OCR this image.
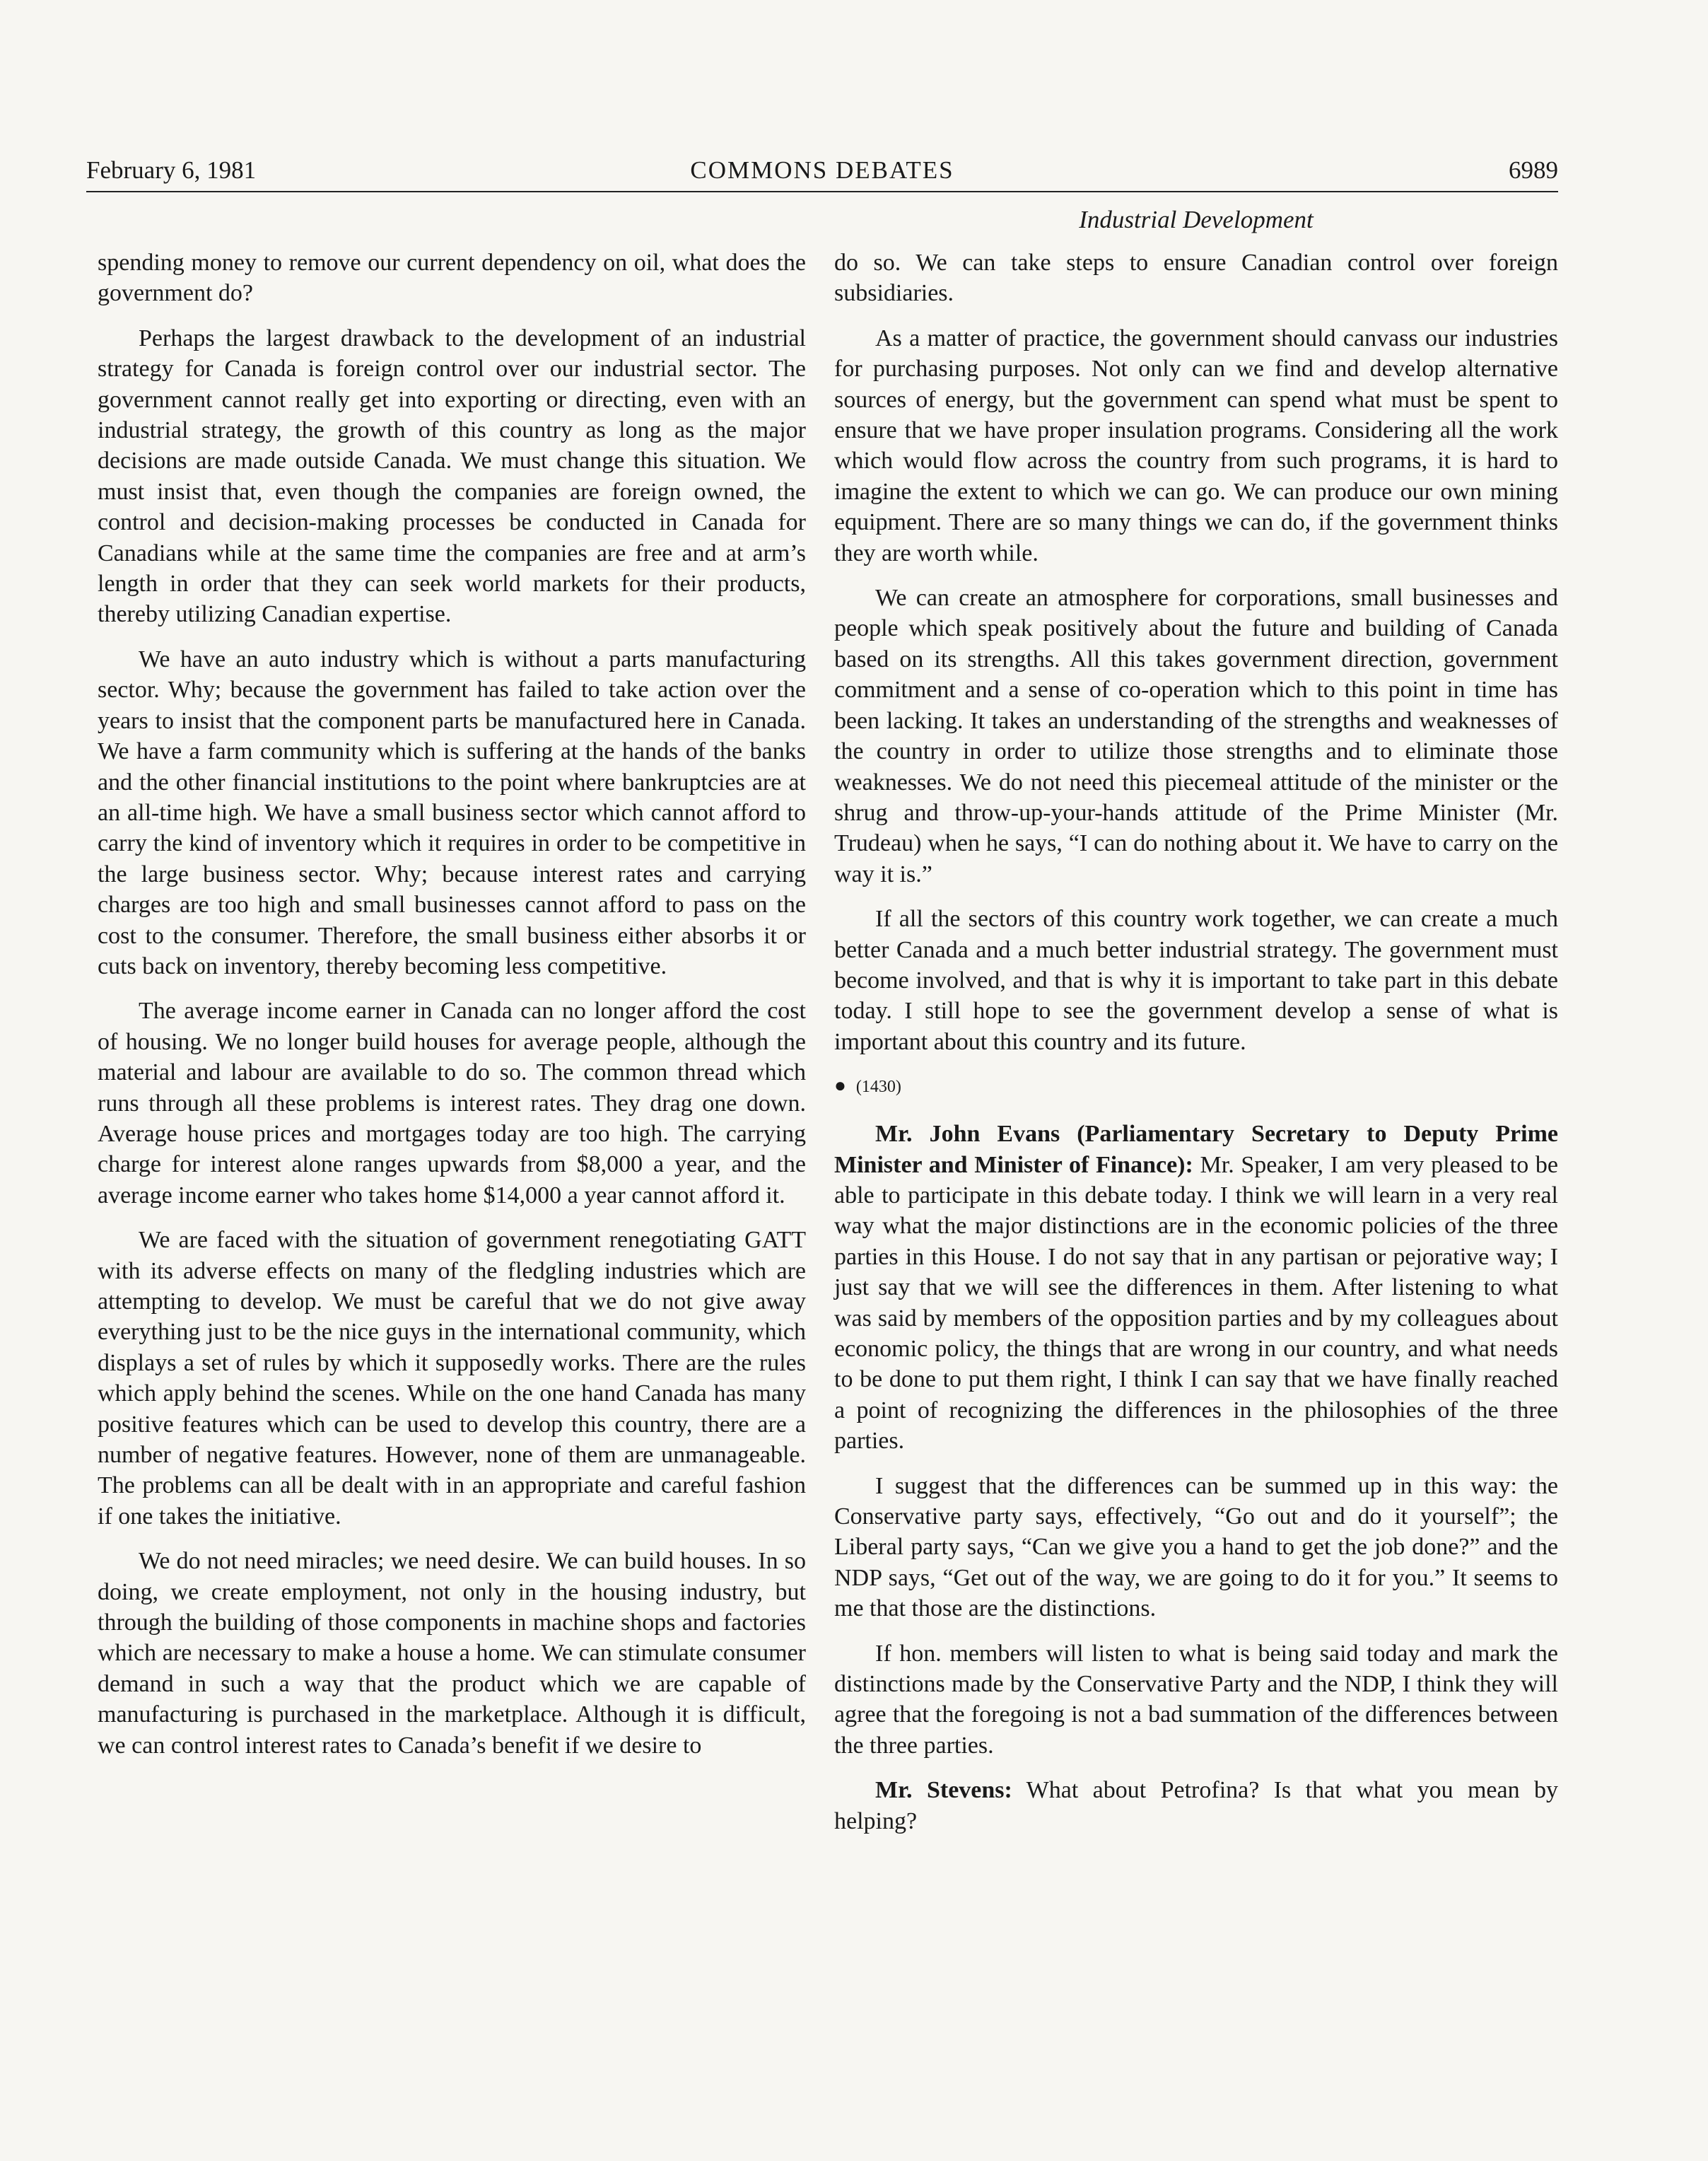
February 6, 1981	COMMONS DEBATES	6989
Industrial Development

spending money to remove our current dependency on oil, what does the government do?

Perhaps the largest drawback to the development of an industrial strategy for Canada is foreign control over our industrial sector. The government cannot really get into exporting or directing, even with an industrial strategy, the growth of this country as long as the major decisions are made outside Canada. We must change this situation. We must insist that, even though the companies are foreign owned, the control and decision-making processes be conducted in Canada for Canadians while at the same time the companies are free and at arm’s length in order that they can seek world markets for their products, thereby utilizing Canadian expertise.

We have an auto industry which is without a parts manufacturing sector. Why; because the government has failed to take action over the years to insist that the component parts be manufactured here in Canada. We have a farm community which is suffering at the hands of the banks and the other financial institutions to the point where bankruptcies are at an all-time high. We have a small business sector which cannot afford to carry the kind of inventory which it requires in order to be competitive in the large business sector. Why; because interest rates and carrying charges are too high and small businesses cannot afford to pass on the cost to the consumer. Therefore, the small business either absorbs it or cuts back on inventory, thereby becoming less competitive.

The average income earner in Canada can no longer afford the cost of housing. We no longer build houses for average people, although the material and labour are available to do so. The common thread which runs through all these problems is interest rates. They drag one down. Average house prices and mortgages today are too high. The carrying charge for interest alone ranges upwards from $8,000 a year, and the average income earner who takes home $14,000 a year cannot afford it.

We are faced with the situation of government renegotiating GATT with its adverse effects on many of the fledgling industries which are attempting to develop. We must be careful that we do not give away everything just to be the nice guys in the international community, which displays a set of rules by which it supposedly works. There are the rules which apply behind the scenes. While on the one hand Canada has many positive features which can be used to develop this country, there are a number of negative features. However, none of them are unmanageable. The problems can all be dealt with in an appropriate and careful fashion if one takes the initiative.

We do not need miracles; we need desire. We can build houses. In so doing, we create employment, not only in the housing industry, but through the building of those components in machine shops and factories which are necessary to make a house a home. We can stimulate consumer demand in such a way that the product which we are capable of manufacturing is purchased in the marketplace. Although it is difficult, we can control interest rates to Canada’s benefit if we desire to

do so. We can take steps to ensure Canadian control over foreign subsidiaries.

As a matter of practice, the government should canvass our industries for purchasing purposes. Not only can we find and develop alternative sources of energy, but the government can spend what must be spent to ensure that we have proper insulation programs. Considering all the work which would flow across the country from such programs, it is hard to imagine the extent to which we can go. We can produce our own mining equipment. There are so many things we can do, if the government thinks they are worth while.

We can create an atmosphere for corporations, small businesses and people which speak positively about the future and building of Canada based on its strengths. All this takes government direction, government commitment and a sense of co-operation which to this point in time has been lacking. It takes an understanding of the strengths and weaknesses of the country in order to utilize those strengths and to eliminate those weaknesses. We do not need this piecemeal attitude of the minister or the shrug and throw-up-your-hands attitude of the Prime Minister (Mr. Trudeau) when he says, “I can do nothing about it. We have to carry on the way it is.”

If all the sectors of this country work together, we can create a much better Canada and a much better industrial strategy. The government must become involved, and that is why it is important to take part in this debate today. I still hope to see the government develop a sense of what is important about this country and its future.

● (1430)

Mr. John Evans (Parliamentary Secretary to Deputy Prime Minister and Minister of Finance): Mr. Speaker, I am very pleased to be able to participate in this debate today. I think we will learn in a very real way what the major distinctions are in the economic policies of the three parties in this House. I do not say that in any partisan or pejorative way; I just say that we will see the differences in them. After listening to what was said by members of the opposition parties and by my colleagues about economic policy, the things that are wrong in our country, and what needs to be done to put them right, I think I can say that we have finally reached a point of recognizing the differences in the philosophies of the three parties.

I suggest that the differences can be summed up in this way: the Conservative party says, effectively, “Go out and do it yourself”; the Liberal party says, “Can we give you a hand to get the job done?” and the NDP says, “Get out of the way, we are going to do it for you.” It seems to me that those are the distinctions.

If hon. members will listen to what is being said today and mark the distinctions made by the Conservative Party and the NDP, I think they will agree that the foregoing is not a bad summation of the differences between the three parties.

Mr. Stevens: What about Petrofina? Is that what you mean by helping?
